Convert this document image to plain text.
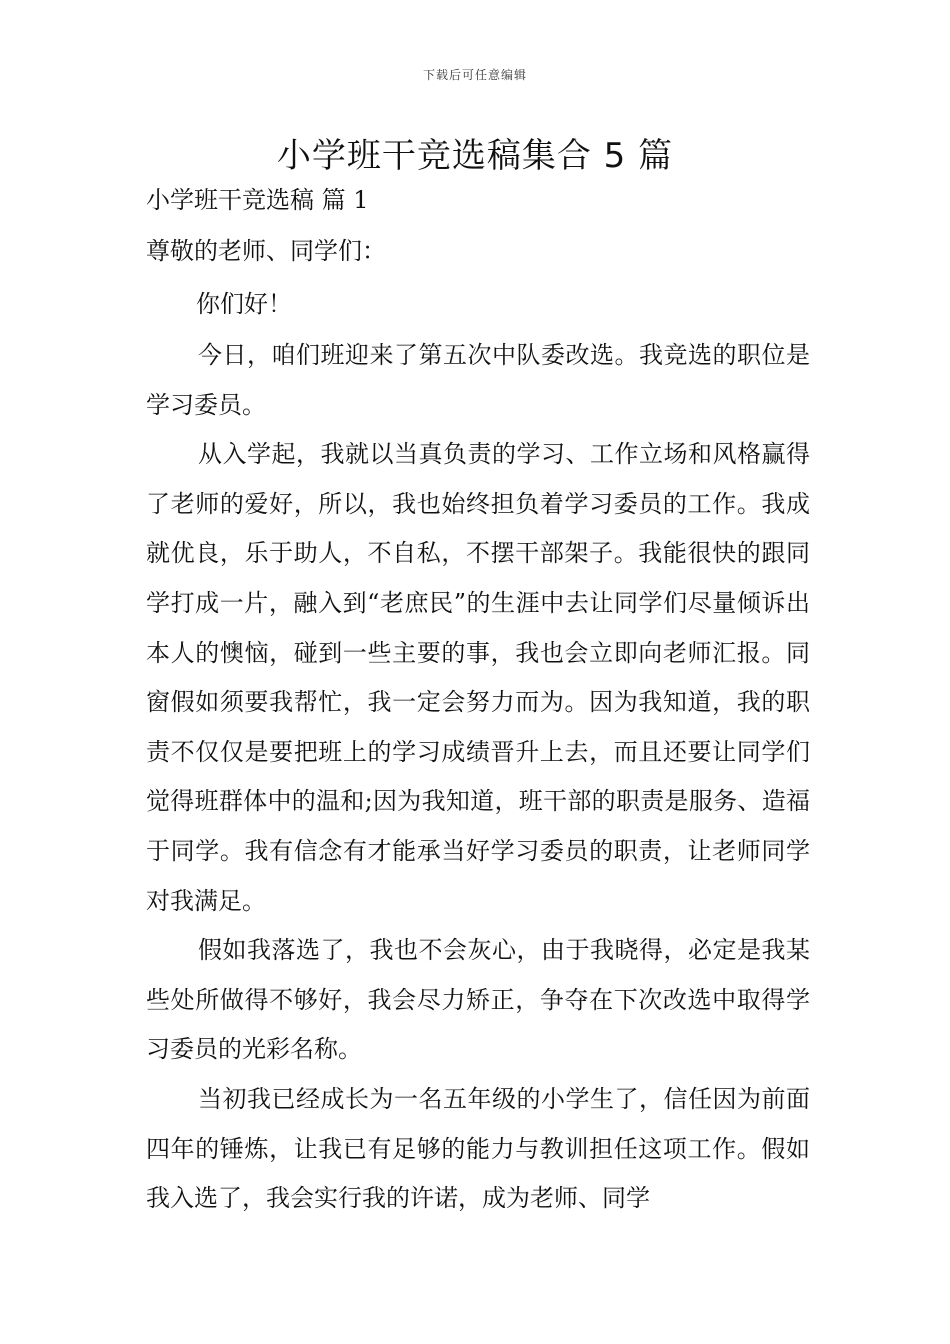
下载后可任意编辑
小学班干竞选稿集合 5 篇

小学班干竞选稿 篇 1

尊敬的老师、同学们：

你们好！

今日，咱们班迎来了第五次中队委改选。我竞选的职位是学习委员。

从入学起，我就以当真负责的学习、工作立场和风格赢得了老师的爱好，所以，我也始终担负着学习委员的工作。我成就优良，乐于助人，不自私，不摆干部架子。我能很快的跟同学打成一片，融入到“老庶民”的生涯中去让同学们尽量倾诉出本人的懊恼，碰到一些主要的事，我也会立即向老师汇报。同窗假如须要我帮忙，我一定会努力而为。因为我知道，我的职责不仅仅是要把班上的学习成绩晋升上去，而且还要让同学们觉得班群体中的温和;因为我知道，班干部的职责是服务、造福于同学。我有信念有才能承当好学习委员的职责，让老师同学对我满足。

假如我落选了，我也不会灰心，由于我晓得，必定是我某些处所做得不够好，我会尽力矫正，争夺在下次改选中取得学习委员的光彩名称。

当初我已经成长为一名五年级的小学生了，信任因为前面四年的锤炼，让我已有足够的能力与教训担任这项工作。假如我入选了，我会实行我的许诺，成为老师、同学
